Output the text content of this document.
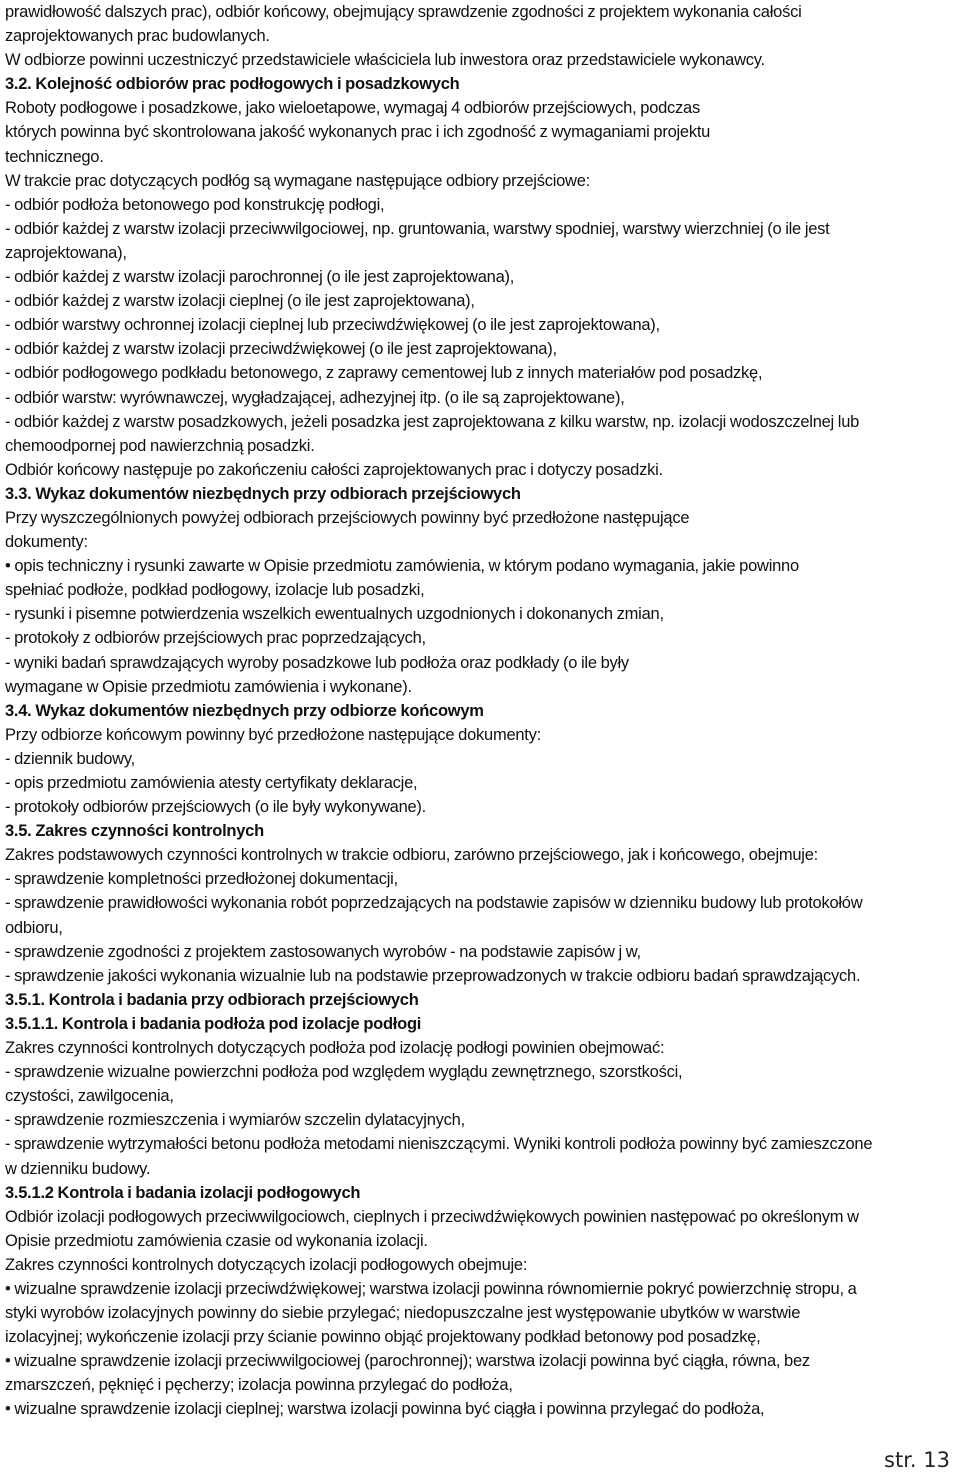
prawidłowość dalszych prac), odbiór końcowy, obejmujący sprawdzenie zgodności z projektem wykonania całości

zaprojektowanych prac budowlanych.

W odbiorze powinni uczestniczyć przedstawiciele właściciela lub inwestora oraz przedstawiciele wykonawcy.

3.2. Kolejność odbiorów prac podłogowych i posadzkowych

Roboty podłogowe i posadzkowe, jako wieloetapowe, wymagaj 4 odbiorów przejściowych, podczas

których powinna być skontrolowana jakość wykonanych prac i ich zgodność z wymaganiami projektu

technicznego.

W trakcie prac dotyczących podłóg są wymagane następujące odbiory przejściowe:

- odbiór podłoża betonowego pod konstrukcję podłogi,

- odbiór każdej z warstw izolacji przeciwwilgociowej, np. gruntowania, warstwy spodniej, warstwy wierzchniej (o ile jest

zaprojektowana),

- odbiór każdej z warstw izolacji parochronnej (o ile jest zaprojektowana),

- odbiór każdej z warstw izolacji cieplnej (o ile jest zaprojektowana),

- odbiór warstwy ochronnej izolacji cieplnej lub przeciwdźwiękowej (o ile jest zaprojektowana),

- odbiór każdej z warstw izolacji przeciwdźwiękowej (o ile jest zaprojektowana),

- odbiór podłogowego podkładu betonowego, z zaprawy cementowej lub z innych materiałów pod posadzkę,

- odbiór warstw: wyrównawczej, wygładzającej, adhezyjnej itp. (o ile są zaprojektowane),

- odbiór każdej z warstw posadzkowych, jeżeli posadzka jest zaprojektowana z kilku warstw, np. izolacji wodoszczelnej lub

chemoodpornej pod nawierzchnią posadzki.

Odbiór końcowy następuje po zakończeniu całości zaprojektowanych prac i dotyczy posadzki.

3.3. Wykaz dokumentów niezbędnych przy odbiorach przejściowych

Przy wyszczególnionych powyżej odbiorach przejściowych powinny być przedłożone następujące

dokumenty:

• opis techniczny i rysunki zawarte w Opisie przedmiotu zamówienia, w którym podano wymagania, jakie powinno

spełniać podłoże, podkład podłogowy, izolacje lub posadzki,

- rysunki i pisemne potwierdzenia wszelkich ewentualnych uzgodnionych i dokonanych zmian,

- protokoły z odbiorów przejściowych prac poprzedzających,

- wyniki badań sprawdzających wyroby posadzkowe lub podłoża oraz podkłady (o ile były

wymagane w Opisie przedmiotu zamówienia i wykonane).

3.4. Wykaz dokumentów niezbędnych przy odbiorze końcowym

Przy odbiorze końcowym powinny być przedłożone następujące dokumenty:

- dziennik budowy,

- opis przedmiotu zamówienia atesty certyfikaty deklaracje,

- protokoły odbiorów przejściowych (o ile były wykonywane).

3.5. Zakres czynności kontrolnych

Zakres podstawowych czynności kontrolnych w trakcie odbioru, zarówno przejściowego, jak i końcowego, obejmuje:

- sprawdzenie kompletności przedłożonej dokumentacji,

- sprawdzenie prawidłowości wykonania robót poprzedzających na podstawie zapisów w dzienniku budowy lub protokołów

odbioru,

- sprawdzenie zgodności z projektem zastosowanych wyrobów - na podstawie zapisów j w,

- sprawdzenie jakości wykonania wizualnie lub na podstawie przeprowadzonych w trakcie odbioru badań sprawdzających.

3.5.1. Kontrola i badania przy odbiorach przejściowych

3.5.1.1. Kontrola i badania podłoża pod izolacje podłogi

Zakres czynności kontrolnych dotyczących podłoża pod izolację podłogi powinien obejmować:

- sprawdzenie wizualne powierzchni podłoża pod względem wyglądu zewnętrznego, szorstkości,

czystości, zawilgocenia,

- sprawdzenie rozmieszczenia i wymiarów szczelin dylatacyjnych,

- sprawdzenie wytrzymałości betonu podłoża metodami nieniszczącymi. Wyniki kontroli podłoża powinny być zamieszczone

w dzienniku budowy.

3.5.1.2 Kontrola i badania izolacji podłogowych

Odbiór izolacji podłogowych przeciwwilgociowch, cieplnych i przeciwdźwiękowych powinien następować po określonym w

Opisie przedmiotu zamówienia czasie od wykonania izolacji.

Zakres czynności kontrolnych dotyczących izolacji podłogowych obejmuje:

• wizualne sprawdzenie izolacji przeciwdźwiękowej; warstwa izolacji powinna równomiernie pokryć powierzchnię stropu, a

styki wyrobów izolacyjnych powinny do siebie przylegać; niedopuszczalne jest występowanie ubytków w warstwie

izolacyjnej; wykończenie izolacji przy ścianie powinno objąć projektowany podkład betonowy pod posadzkę,

• wizualne sprawdzenie izolacji przeciwwilgociowej (parochronnej); warstwa izolacji powinna być ciągła, równa, bez

zmarszczeń, pęknięć i pęcherzy; izolacja powinna przylegać do podłoża,

• wizualne sprawdzenie izolacji cieplnej; warstwa izolacji powinna być ciągła i powinna przylegać do podłoża,

str. 13
